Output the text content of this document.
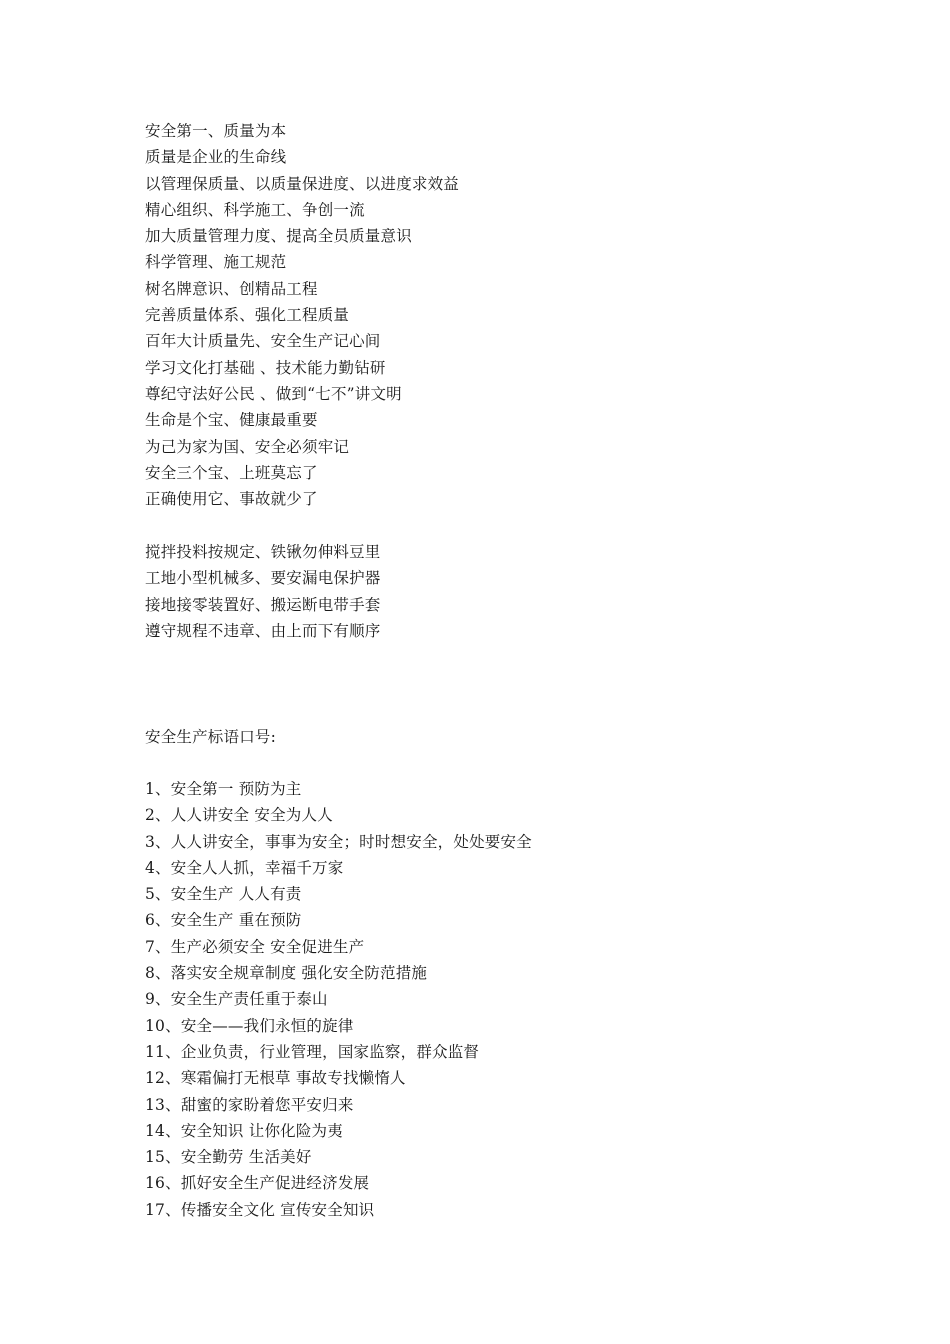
安全第一、质量为本
质量是企业的生命线
以管理保质量、以质量保进度、以进度求效益
精心组织、科学施工、争创一流
加大质量管理力度、提高全员质量意识
科学管理、施工规范
树名牌意识、创精品工程
完善质量体系、强化工程质量
百年大计质量先、安全生产记心间
学习文化打基础 、技术能力勤钻研
尊纪守法好公民 、做到“七不”讲文明
生命是个宝、健康最重要
为己为家为国、安全必须牢记
安全三个宝、上班莫忘了
正确使用它、事故就少了
搅拌投料按规定、铁锹勿伸料豆里
工地小型机械多、要安漏电保护器
接地接零装置好、搬运断电带手套
遵守规程不违章、由上而下有顺序
安全生产标语口号:
1、安全第一 预防为主
2、人人讲安全 安全为人人
3、人人讲安全，事事为安全；时时想安全，处处要安全
4、安全人人抓，幸福千万家
5、安全生产 人人有责
6、安全生产 重在预防
7、生产必须安全 安全促进生产
8、落实安全规章制度 强化安全防范措施
9、安全生产责任重于泰山
10、安全——我们永恒的旋律
11、企业负责，行业管理，国家监察，群众监督
12、寒霜偏打无根草 事故专找懒惰人
13、甜蜜的家盼着您平安归来
14、安全知识 让你化险为夷
15、安全勤劳 生活美好
16、抓好安全生产促进经济发展
17、传播安全文化 宣传安全知识
